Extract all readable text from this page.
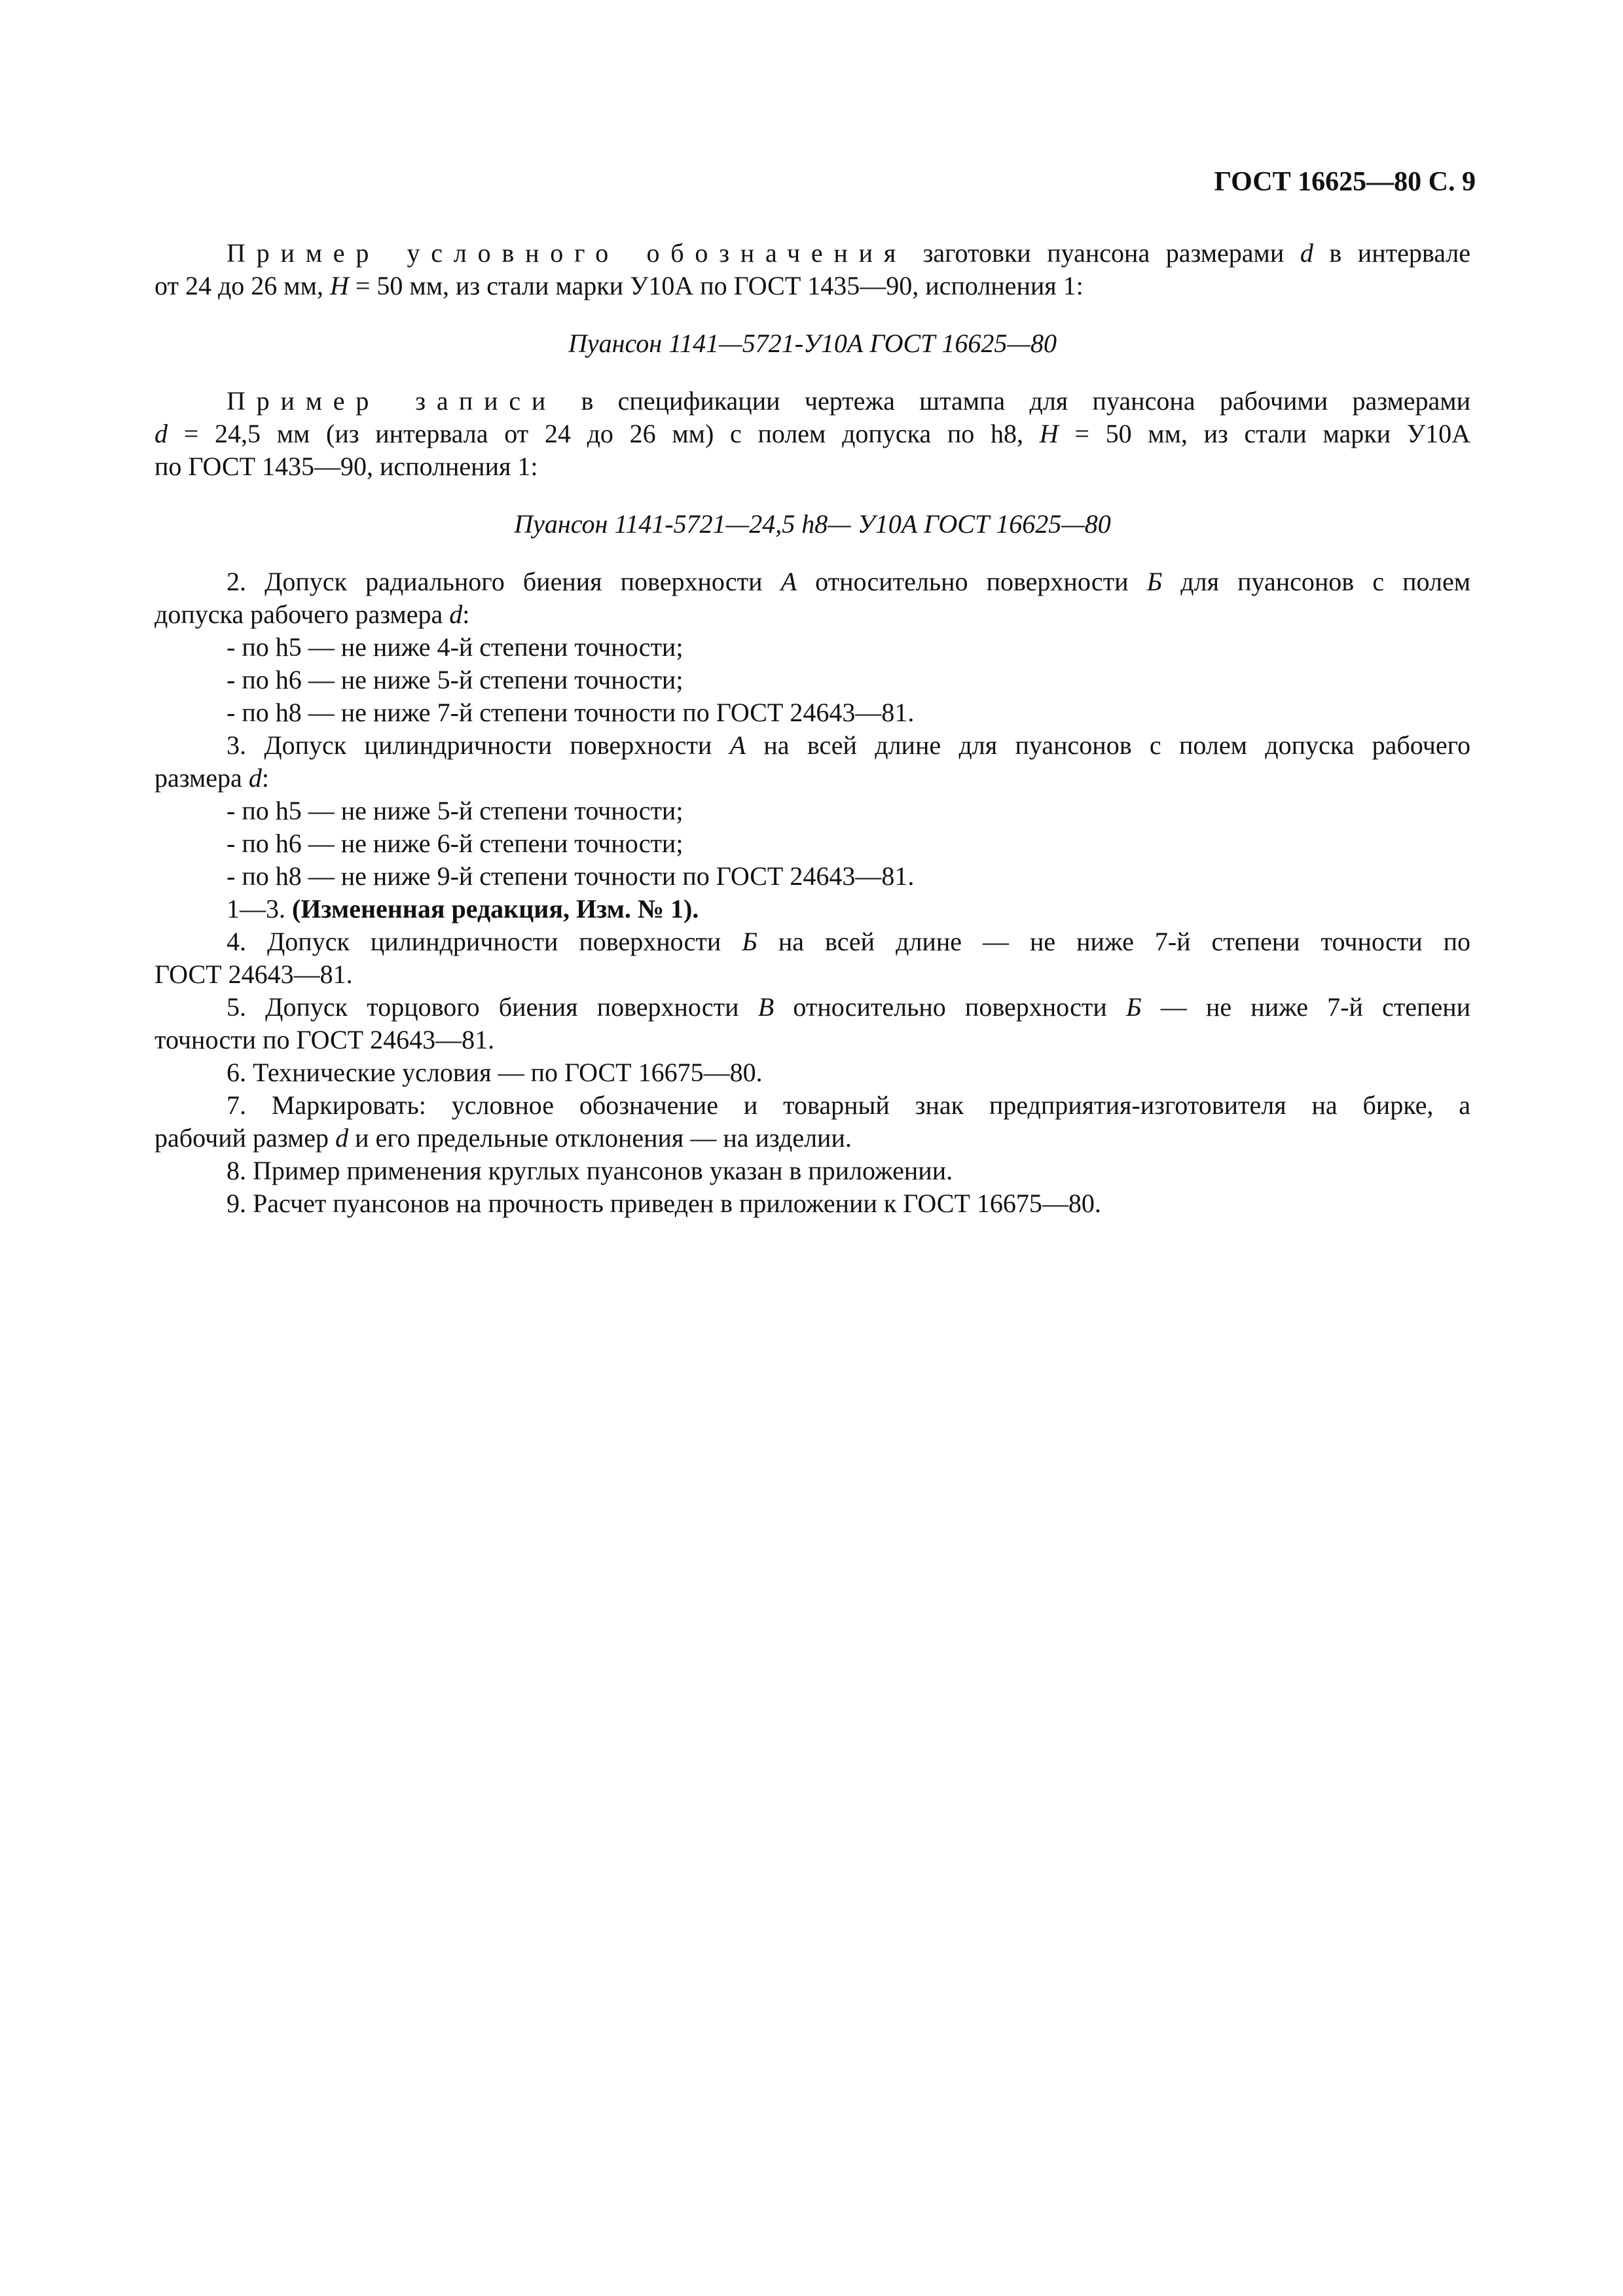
ГОСТ 16625—80 С. 9

Пример условного обозначения заготовки пуансона размерами d в интервале

от 24 до 26 мм, H = 50 мм, из стали марки У10А по ГОСТ 1435—90, исполнения 1:

Пуансон 1141—5721-У10А ГОСТ 16625—80

Пример записи в спецификации чертежа штампа для пуансона рабочими размерами

d = 24,5 мм (из интервала от 24 до 26 мм) с полем допуска по h8, H = 50 мм, из стали марки У10А

по ГОСТ 1435—90, исполнения 1:

Пуансон 1141-5721—24,5 h8— У10А ГОСТ 16625—80

2. Допуск радиального биения поверхности А относительно поверхности Б для пуансонов с полем

допуска рабочего размера d:

- по h5 — не ниже 4-й степени точности;

- по h6 — не ниже 5-й степени точности;

- по h8 — не ниже 7-й степени точности по ГОСТ 24643—81.

3. Допуск цилиндричности поверхности А на всей длине для пуансонов с полем допуска рабочего

размера d:

- по h5 — не ниже 5-й степени точности;

- по h6 — не ниже 6-й степени точности;

- по h8 — не ниже 9-й степени точности по ГОСТ 24643—81.

1—3. (Измененная редакция, Изм. № 1).

4. Допуск цилиндричности поверхности Б на всей длине — не ниже 7-й степени точности по

ГОСТ 24643—81.

5. Допуск торцового биения поверхности В относительно поверхности Б — не ниже 7-й степени

точности по ГОСТ 24643—81.

6. Технические условия — по ГОСТ 16675—80.

7. Маркировать: условное обозначение и товарный знак предприятия-изготовителя на бирке, а

рабочий размер d и его предельные отклонения — на изделии.

8. Пример применения круглых пуансонов указан в приложении.

9. Расчет пуансонов на прочность приведен в приложении к ГОСТ 16675—80.
